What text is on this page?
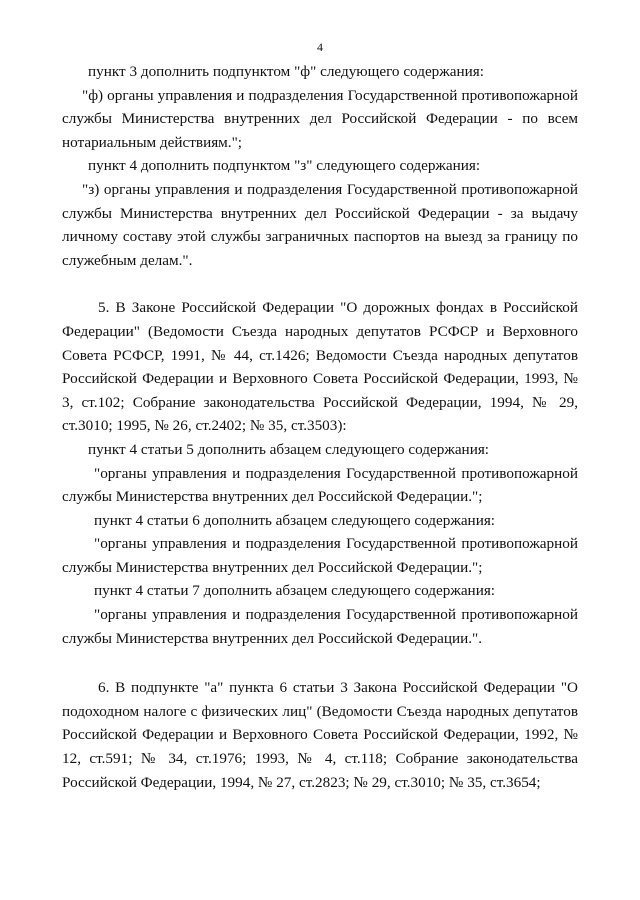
4

пункт 3 дополнить подпунктом "ф" следующего содержания:

"ф) органы управления и подразделения Государственной противопожарной службы Министерства внутренних дел Российской Федерации - по всем нотариальным действиям.";

пункт 4 дополнить подпунктом "з" следующего содержания:

"з) органы управления и подразделения Государственной противопожарной службы Министерства внутренних дел Российской Федерации - за выдачу личному составу этой службы заграничных паспортов на выезд за границу по служебным делам.".

5. В Законе Российской Федерации "О дорожных фондах в Российской Федерации" (Ведомости Съезда народных депутатов РСФСР и Верховного Совета РСФСР, 1991, № 44, ст.1426; Ведомости Съезда народных депутатов Российской Федерации и Верховного Совета Российской Федерации, 1993, № 3, ст.102; Собрание законодательства Российской Федерации, 1994, № 29, ст.3010; 1995, № 26, ст.2402; № 35, ст.3503):

пункт 4 статьи 5 дополнить абзацем следующего содержания:

"органы управления и подразделения Государственной противопожарной службы Министерства внутренних дел Российской Федерации.";

пункт 4 статьи 6 дополнить абзацем следующего содержания:

"органы управления и подразделения Государственной противопожарной службы Министерства внутренних дел Российской Федерации.";

пункт 4 статьи 7 дополнить абзацем следующего содержания:

"органы управления и подразделения Государственной противопожарной службы Министерства внутренних дел Российской Федерации.".

6. В подпункте "а" пункта 6 статьи 3 Закона Российской Федерации "О подоходном налоге с физических лиц" (Ведомости Съезда народных депутатов Российской Федерации и Верховного Совета Российской Федерации, 1992, № 12, ст.591; № 34, ст.1976; 1993, № 4, ст.118; Собрание законодательства Российской Федерации, 1994, № 27, ст.2823; № 29, ст.3010; № 35, ст.3654;
